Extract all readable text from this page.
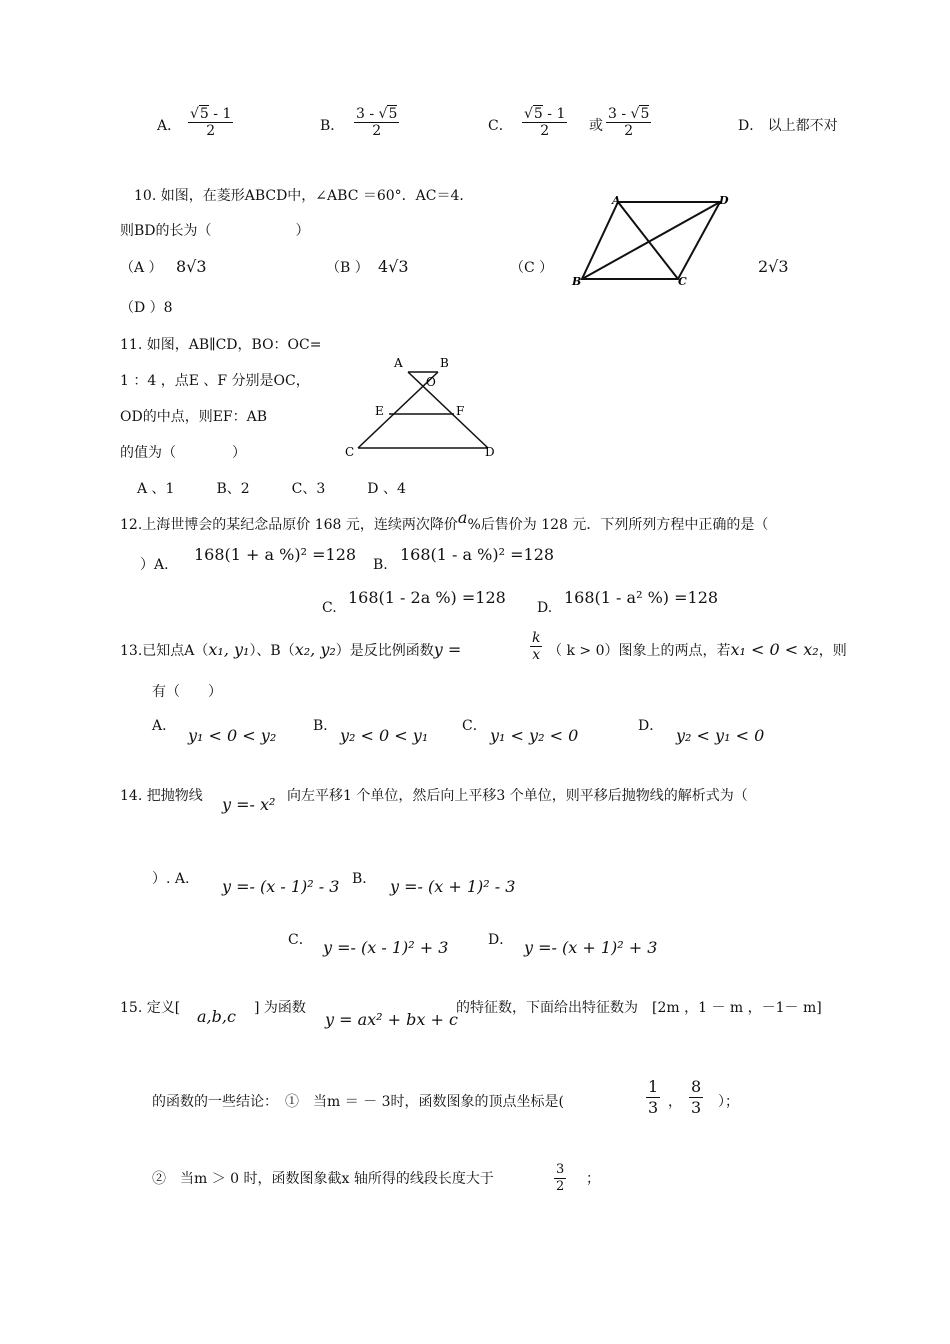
A． $\frac{√5 - 1}{2}$	B． $\frac{3 - √5}{2}$	C． $\frac{√5 - 1}{2}$ 或 $\frac{3 - √5}{2}$	D． 以上都不对
10. 如图，在菱形ABCD中，∠ABC ＝60°．AC＝4．
则BD的长为（　　　　　　）
（A ） 8√3	（B ） 4√3	（C ）	2√3
（D ）8
A	D
B	C
11. 如图，AB∥CD，BO：OC=
1 ：4 ，点E 、F 分别是OC，
OD的中点，则EF：AB
的值为（　　　　）
A 、1　　　B、2　　　C、3　　　D 、4
A	B
O
E	F
C	D
12.上海世博会的某纪念品原价 168 元，连续两次降价a%后售价为 128 元．下列所列方程中正确的是（
）A.
168(1 + a %)² =128
B.
168(1 - a %)² =128
C.
168(1 - 2a %) =128
D.
168(1 - a² %) =128
13.已知点A（x₁, y₁）、B（x₂, y₂）是反比例函数y =	$\frac{k}{x}$ （ k > 0）图象上的两点，若x₁ < 0 < x₂，则
有（　　）
A． y₁ < 0 < y₂	B． y₂ < 0 < y₁ C． y₁ < y₂ < 0	D． y₂ < y₁ < 0
14. 把抛物线 y =- x² 向左平移1 个单位，然后向上平移3 个单位，则平移后抛物线的解析式为（
）. A. y =- (x - 1)² - 3 B． y =- (x + 1)² - 3
C． y =- (x - 1)² + 3	D． y =- (x + 1)² + 3
15. 定义[ a,b,c ] 为函数
y = ax² + bx + c
的特征数，下面给出特征数为　[2m ，1 － m ，－1－ m]
的函数的一些结论：　①　当m ＝ － 3时，函数图象的顶点坐标是(	$\frac{1}{3}$ ， $\frac{8}{3}$ ）；
②　当m ＞ 0 时，函数图象截x 轴所得的线段长度大于	$\frac{3}{2}$ ；
